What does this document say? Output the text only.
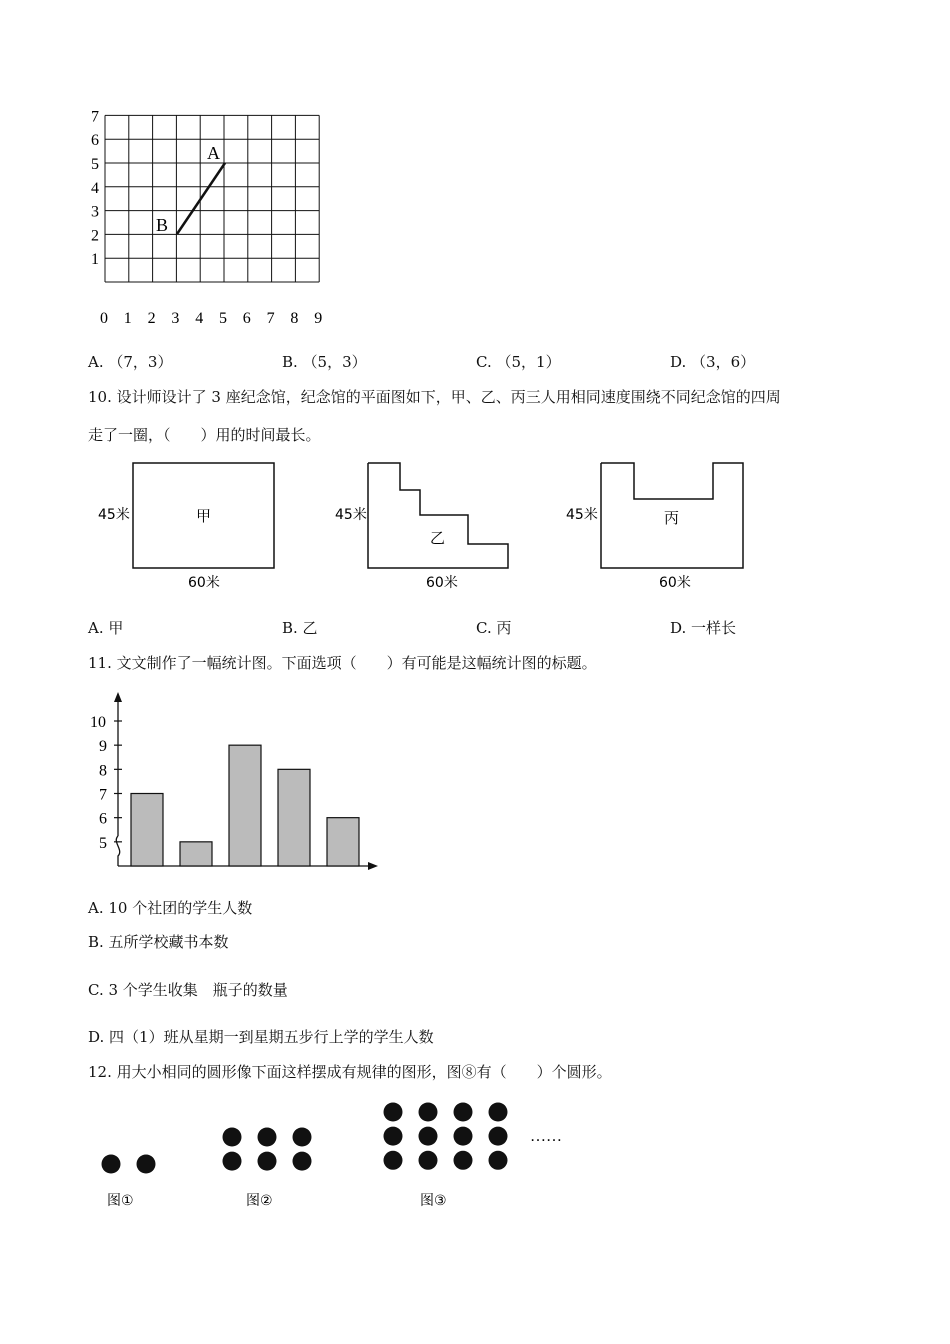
0 1 2 3 4 5 6 7 8 9
1
2
3
4
5
6
7
A
B
A. （7，3）	B. （5，3）	C. （5，1）	D. （3，6）
10. 设计师设计了 3 座纪念馆，纪念馆的平面图如下，甲、乙、丙三人用相同速度围绕不同纪念馆的四周
走了一圈，（　　）用的时间最长。
甲
45米
60米
乙
45米
60米
丙
45米
60米
A. 甲	B. 乙	C. 丙	D. 一样长
11. 文文制作了一幅统计图。下面选项（　　）有可能是这幅统计图的标题。
5
6
7
8
9
10
A. 10 个社团的学生人数
B. 五所学校藏书本数
C. 3 个学生收集　瓶子的数量
D. 四（1）班从星期一到星期五步行上学的学生人数
12. 用大小相同的圆形像下面这样摆成有规律的图形，图⑧有（　　）个圆形。
图①	图②	图③
……
